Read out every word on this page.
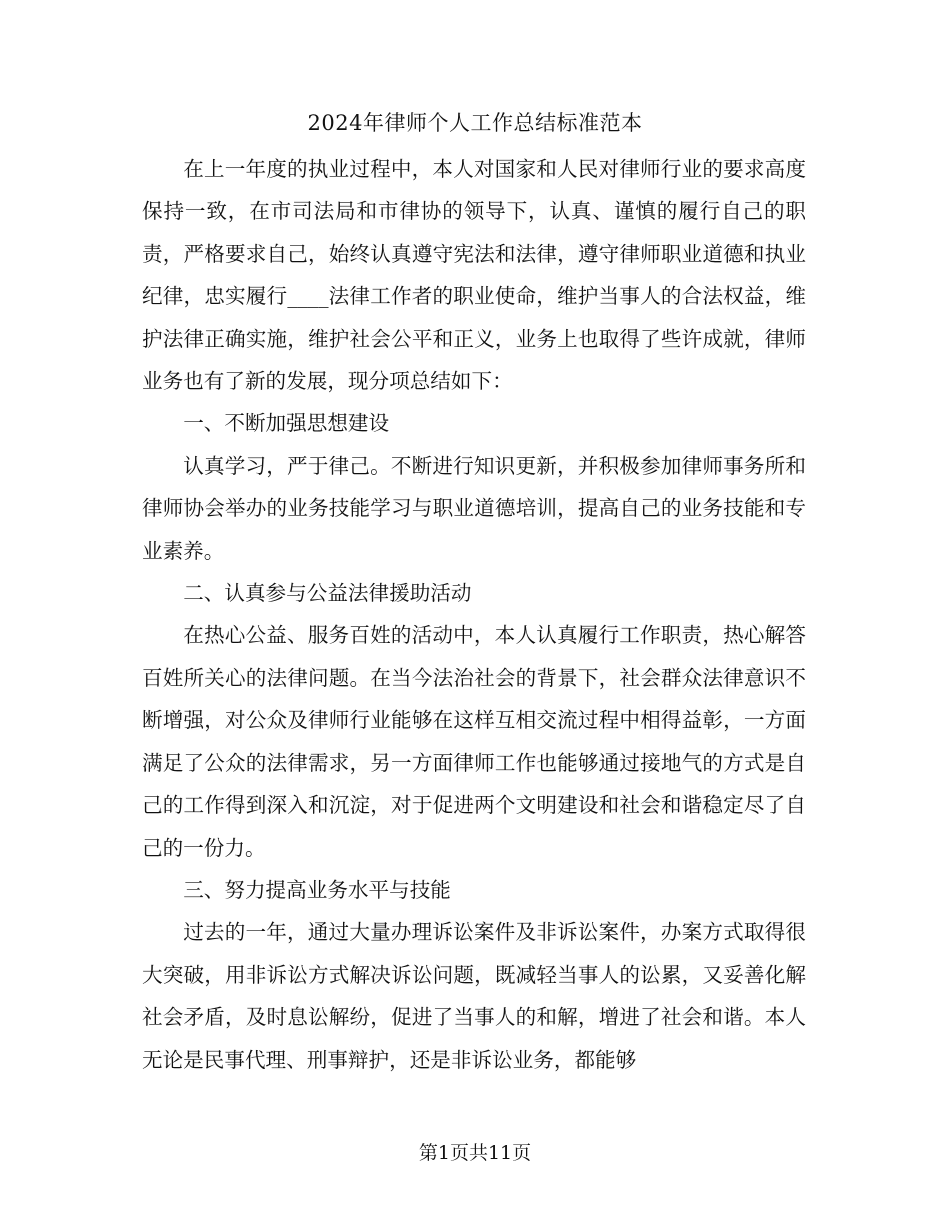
2024年律师个人工作总结标准范本

在上一年度的执业过程中，本人对国家和人民对律师行业的要求高度保持一致，在市司法局和市律协的领导下，认真、谨慎的履行自己的职责，严格要求自己，始终认真遵守宪法和法律，遵守律师职业道德和执业纪律，忠实履行____法律工作者的职业使命，维护当事人的合法权益，维护法律正确实施，维护社会公平和正义，业务上也取得了些许成就，律师业务也有了新的发展，现分项总结如下：

一、不断加强思想建设

认真学习，严于律己。不断进行知识更新，并积极参加律师事务所和律师协会举办的业务技能学习与职业道德培训，提高自己的业务技能和专业素养。

二、认真参与公益法律援助活动

在热心公益、服务百姓的活动中，本人认真履行工作职责，热心解答百姓所关心的法律问题。在当今法治社会的背景下，社会群众法律意识不断增强，对公众及律师行业能够在这样互相交流过程中相得益彰，一方面满足了公众的法律需求，另一方面律师工作也能够通过接地气的方式是自己的工作得到深入和沉淀，对于促进两个文明建设和社会和谐稳定尽了自己的一份力。

三、努力提高业务水平与技能

过去的一年，通过大量办理诉讼案件及非诉讼案件，办案方式取得很大突破，用非诉讼方式解决诉讼问题，既减轻当事人的讼累，又妥善化解社会矛盾，及时息讼解纷，促进了当事人的和解，增进了社会和谐。本人无论是民事代理、刑事辩护，还是非诉讼业务，都能够

第1页共11页
